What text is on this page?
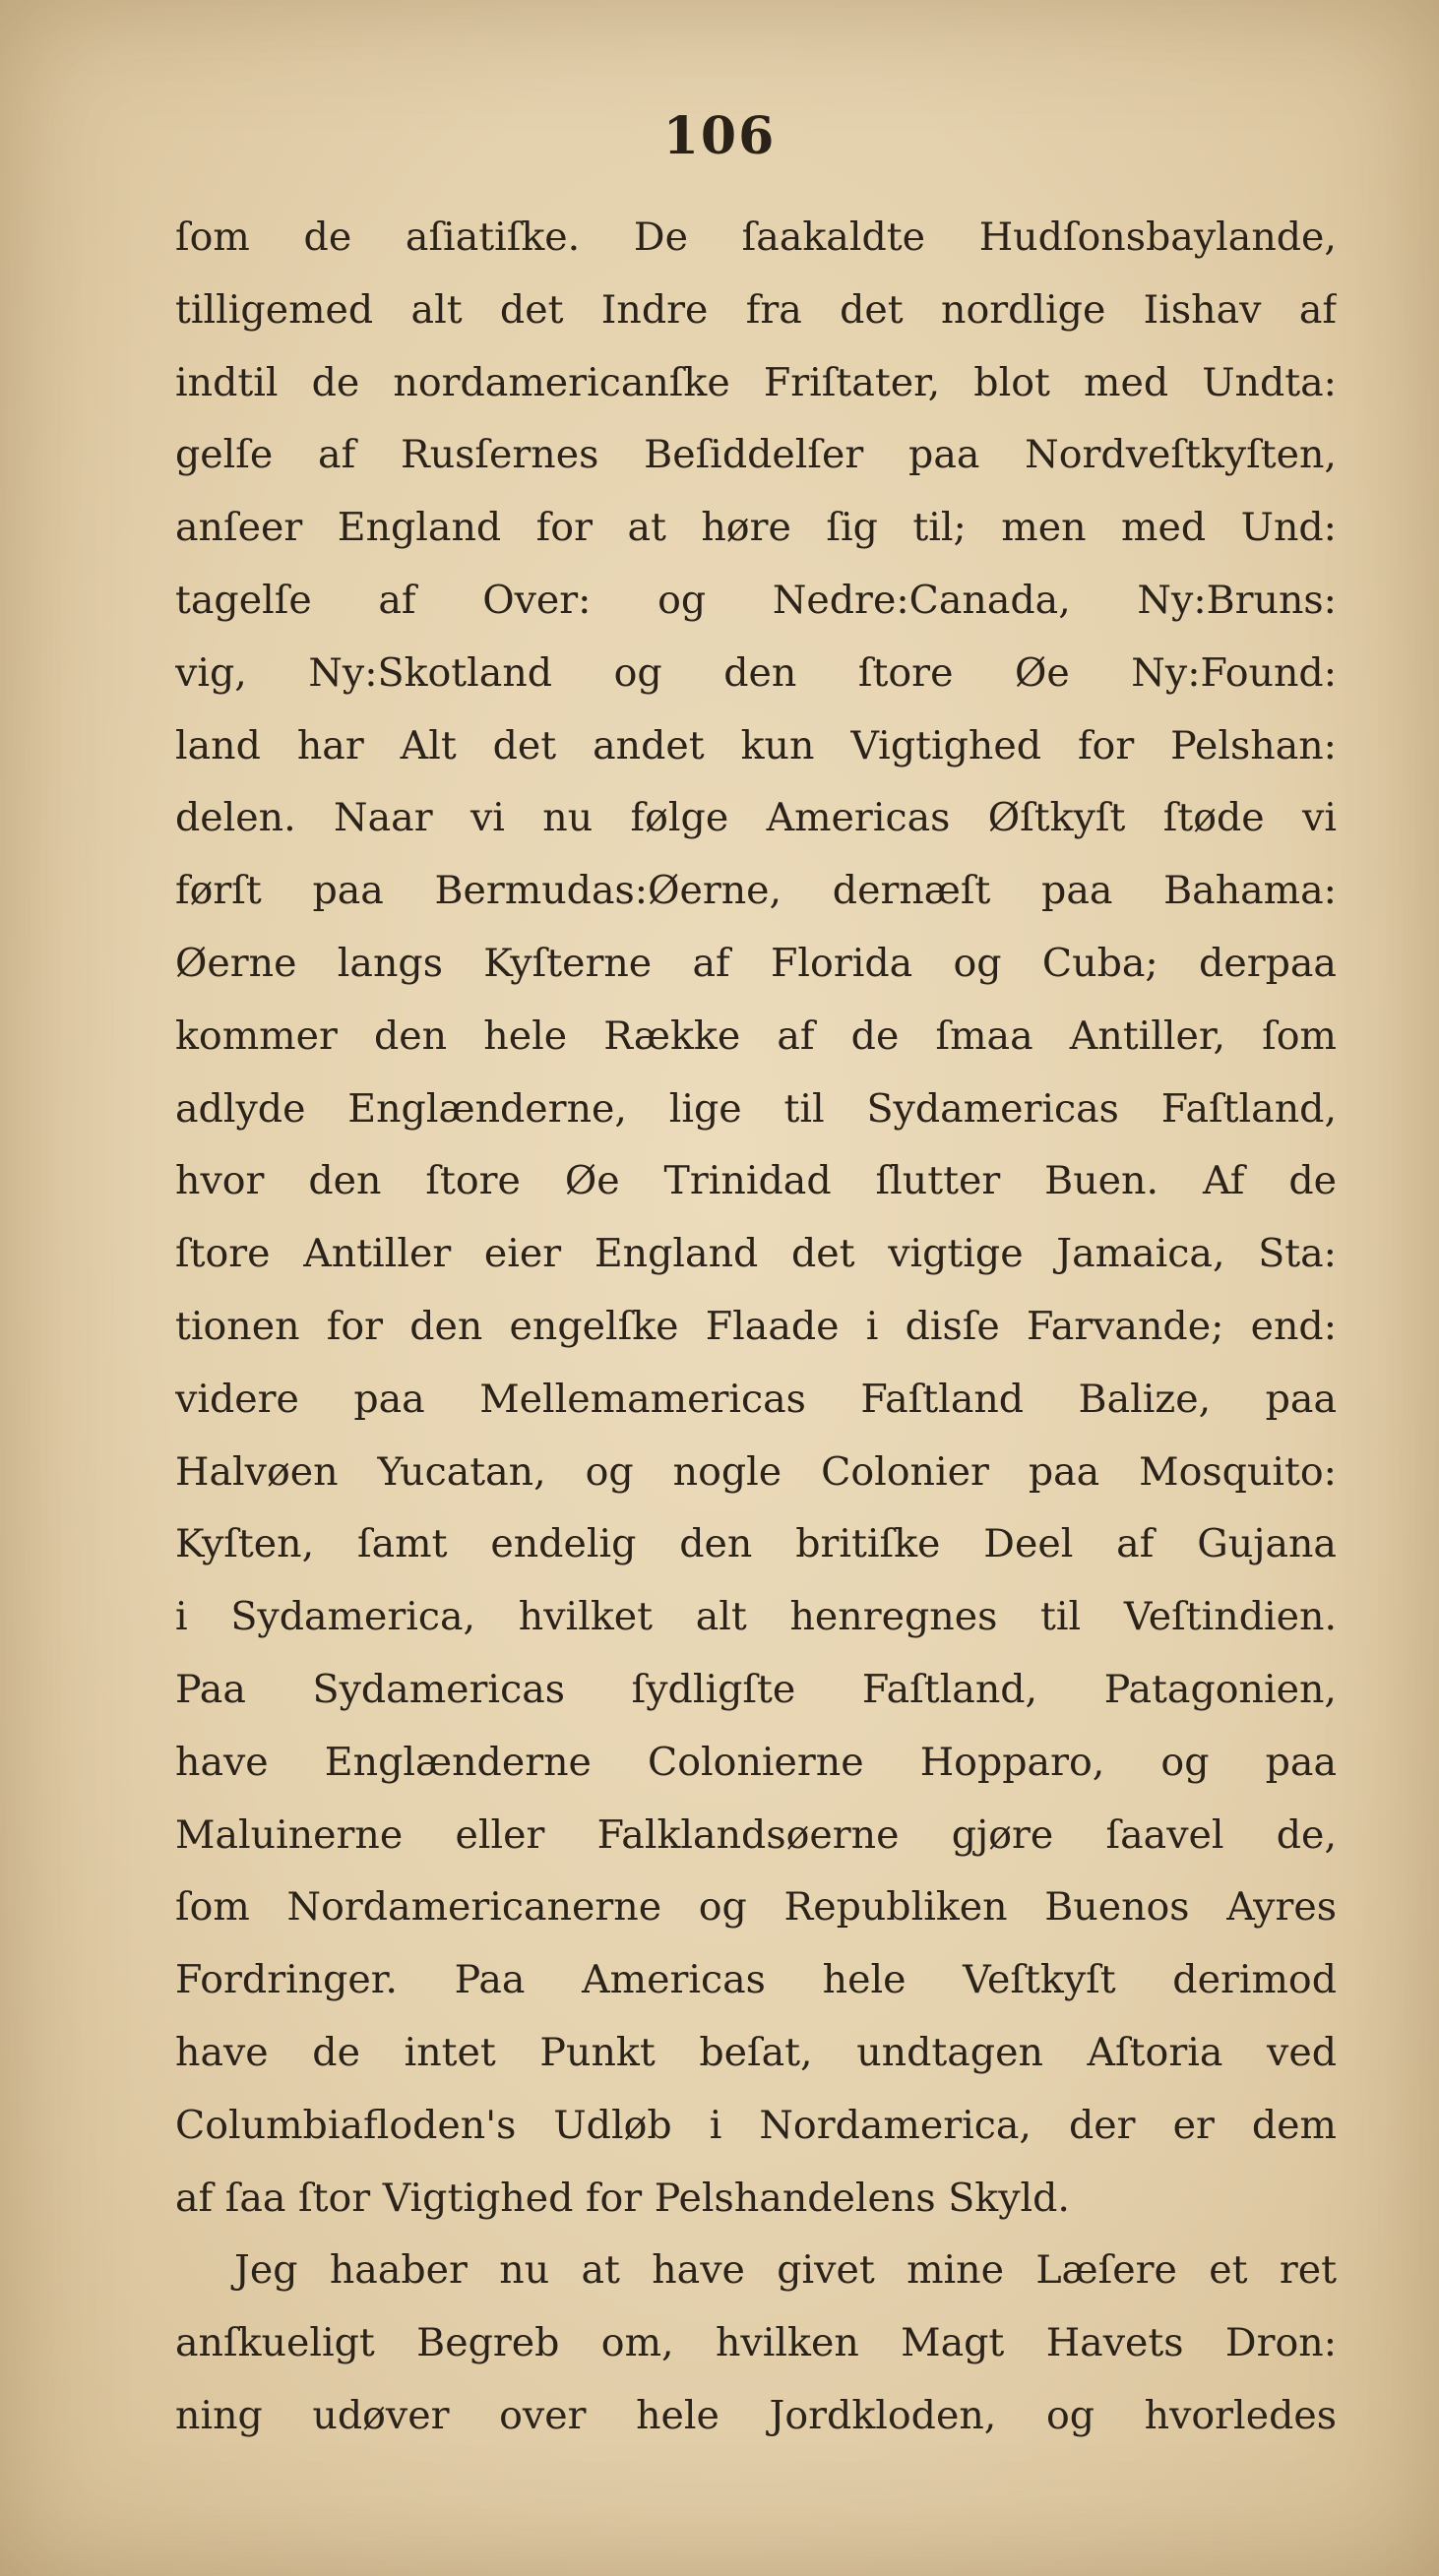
106
ſom de aſiatiſke. De ſaakaldte Hudſonsbaylande,
tilligemed alt det Indre fra det nordlige Iishav af
indtil de nordamericanſke Friſtater, blot med Undta:
gelſe af Rusſernes Beſiddelſer paa Nordveſtkyſten,
anſeer England for at høre ſig til; men med Und:
tagelſe af Over: og Nedre:Canada, Ny:Bruns:
vig, Ny:Skotland og den ſtore Øe Ny:Found:
land har Alt det andet kun Vigtighed for Pelshan:
delen. Naar vi nu følge Americas Øſtkyſt ſtøde vi
førſt paa Bermudas:Øerne, dernæſt paa Bahama:
Øerne langs Kyſterne af Florida og Cuba; derpaa
kommer den hele Række af de ſmaa Antiller, ſom
adlyde Englænderne, lige til Sydamericas Faſtland,
hvor den ſtore Øe Trinidad ſlutter Buen. Af de
ſtore Antiller eier England det vigtige Jamaica, Sta:
tionen for den engelſke Flaade i disſe Farvande; end:
videre paa Mellemamericas Faſtland Balize, paa
Halvøen Yucatan, og nogle Colonier paa Mosquito:
Kyſten, ſamt endelig den britiſke Deel af Gujana
i Sydamerica, hvilket alt henregnes til Veſtindien.
Paa Sydamericas ſydligſte Faſtland, Patagonien,
have Englænderne Colonierne Hopparo, og paa
Maluinerne eller Falklandsøerne gjøre ſaavel de,
ſom Nordamericanerne og Republiken Buenos Ayres
Fordringer. Paa Americas hele Veſtkyſt derimod
have de intet Punkt beſat, undtagen Aſtoria ved
Columbiafloden's Udløb i Nordamerica, der er dem
af ſaa ſtor Vigtighed for Pelshandelens Skyld.
Jeg haaber nu at have givet mine Læſere et ret
anſkueligt Begreb om, hvilken Magt Havets Dron:
ning udøver over hele Jordkloden, og hvorledes
